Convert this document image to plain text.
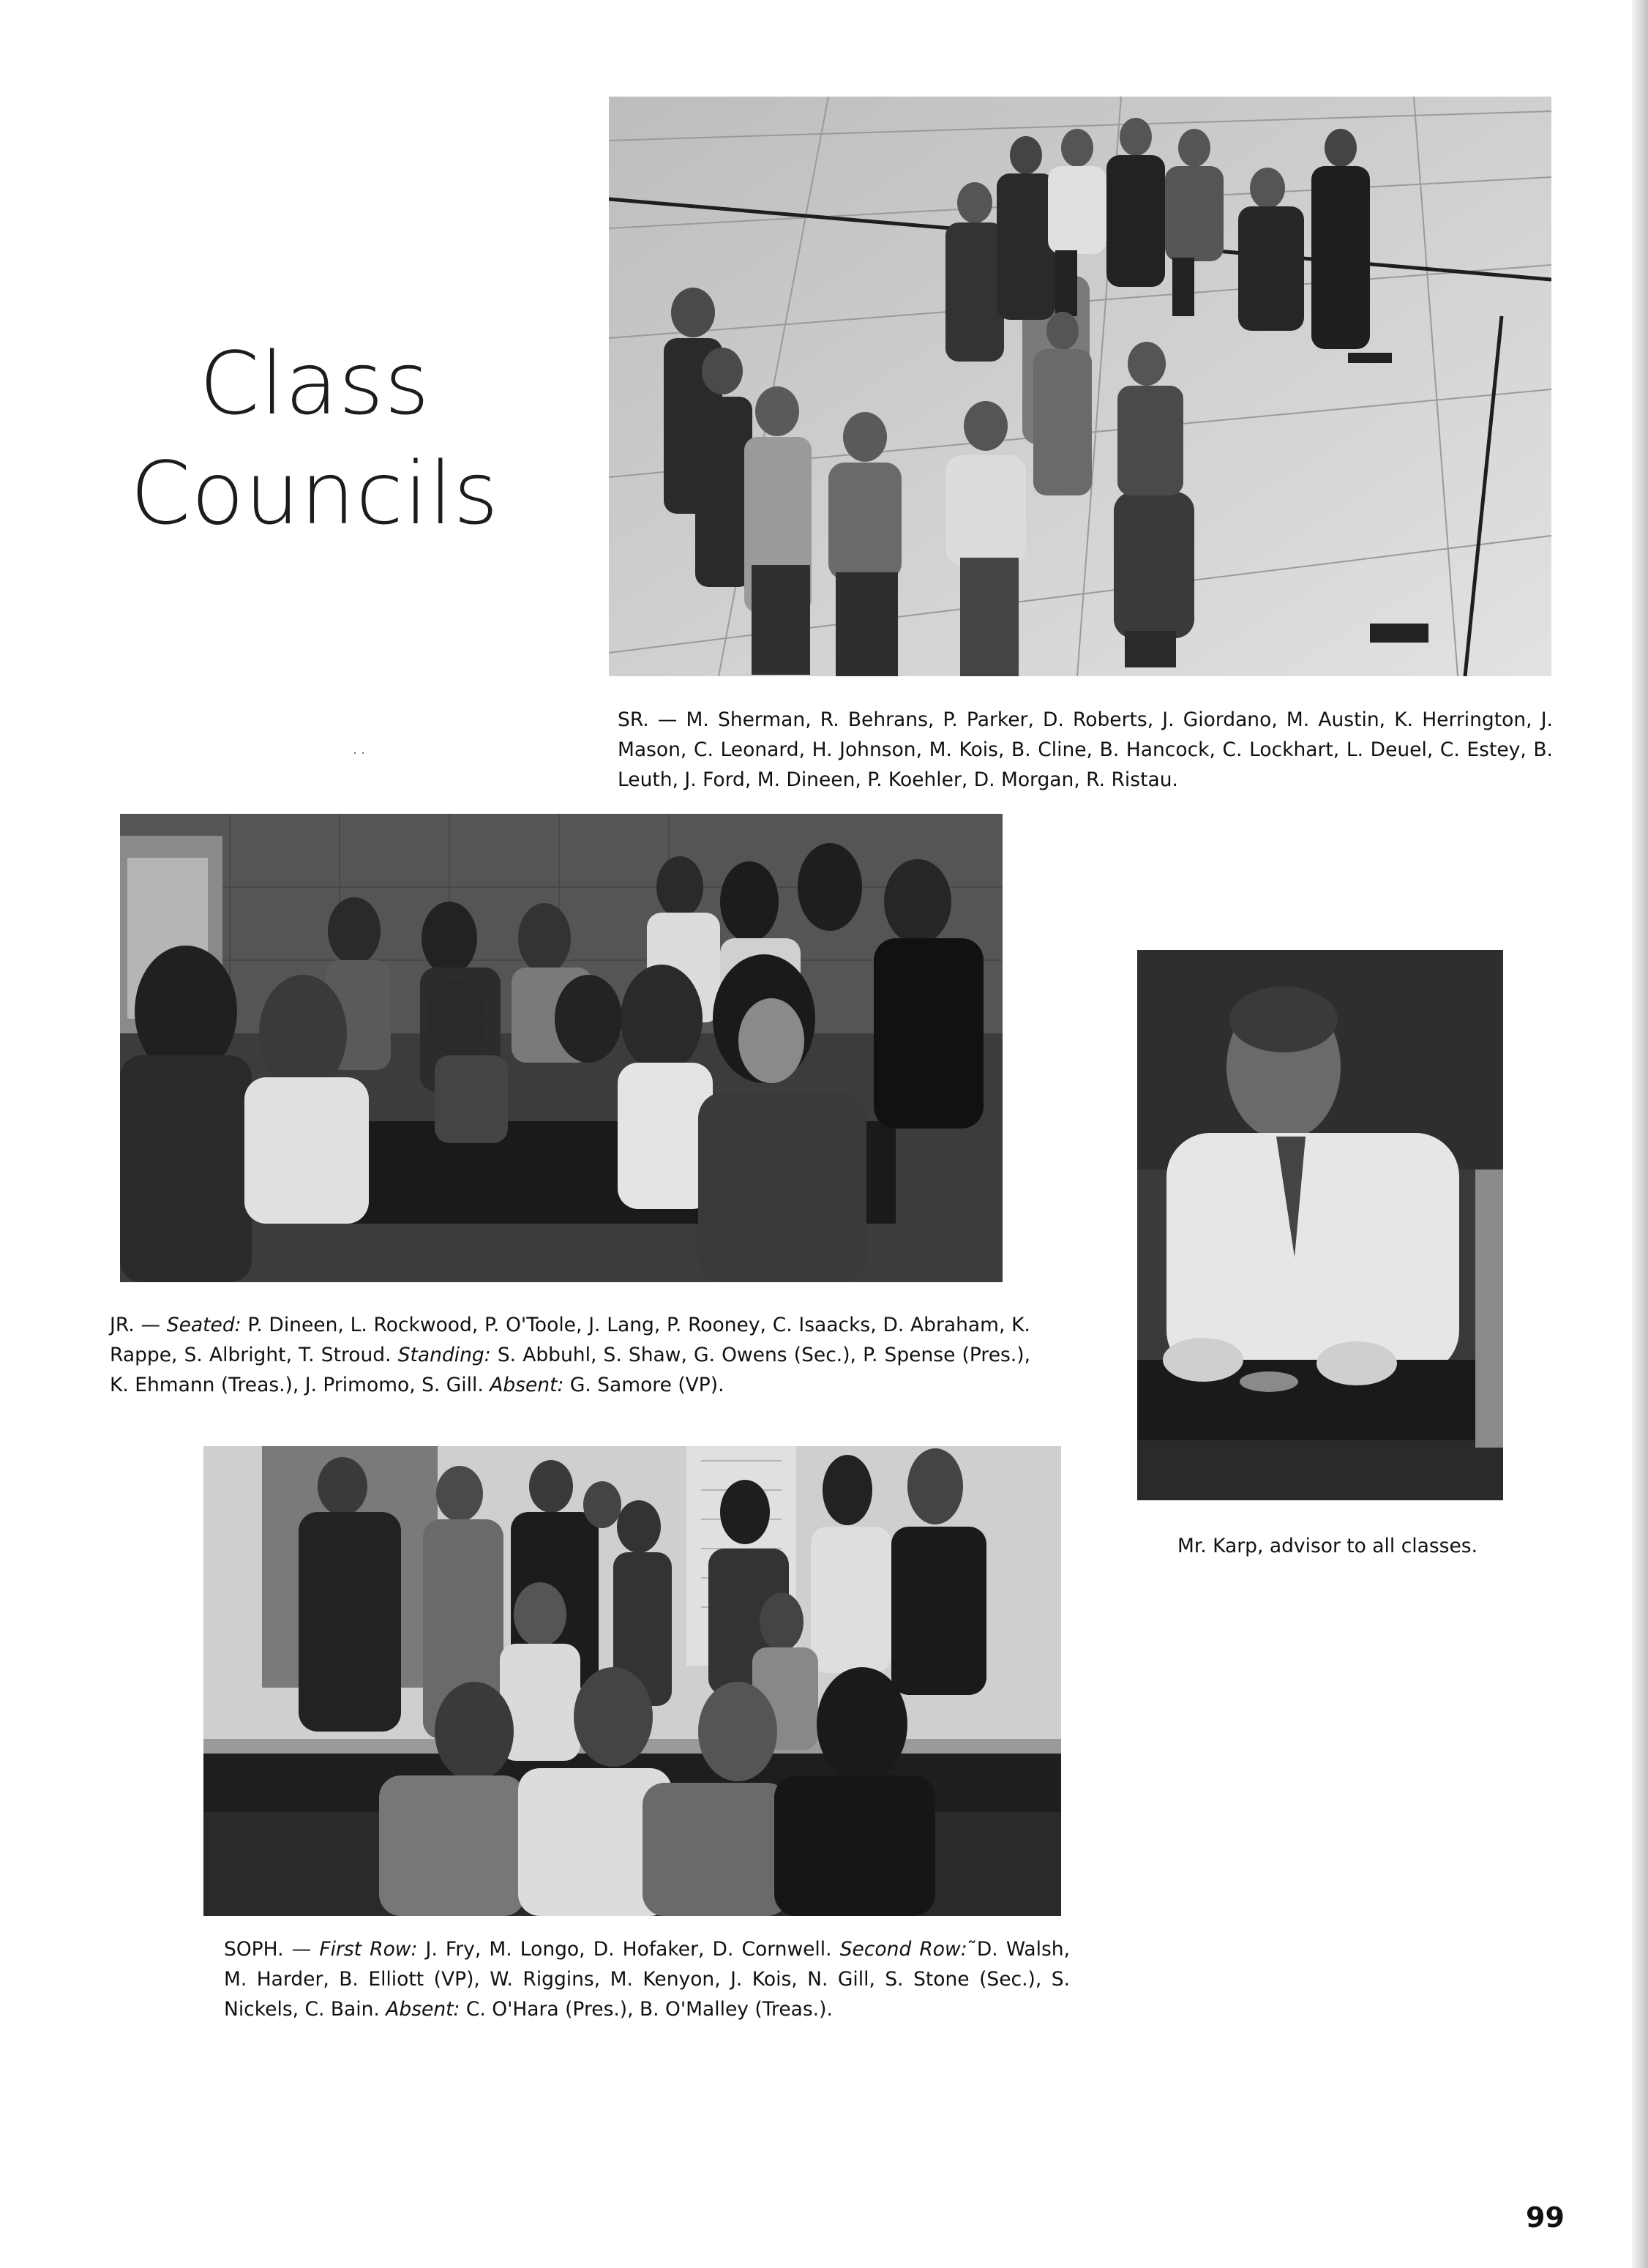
Class
Councils
SR. — M. Sherman, R. Behrans, P. Parker, D. Roberts, J. Giordano, M. Austin, K. Herrington, J. Mason, C. Leonard, H. Johnson, M. Kois, B. Cline, B. Hancock, C. Lockhart, L. Deuel, C. Estey, B. Leuth, J. Ford, M. Dineen, P. Koehler, D. Morgan, R. Ristau.
· ·
JR. — Seated: P. Dineen, L. Rockwood, P. O'Toole, J. Lang, P. Rooney, C. Isaacks, D. Abraham, K. Rappe, S. Albright, T. Stroud. Standing: S. Abbuhl, S. Shaw, G. Owens (Sec.), P. Spense (Pres.), K. Ehmann (Treas.), J. Primomo, S. Gill. Absent: G. Samore (VP).
Mr. Karp, advisor to all classes.
SOPH. — First Row: J. Fry, M. Longo, D. Hofaker, D. Cornwell. Second Row:˜D. Walsh, M. Harder, B. Elliott (VP), W. Riggins, M. Kenyon, J. Kois, N. Gill, S. Stone (Sec.), S. Nickels, C. Bain. Absent: C. O'Hara (Pres.), B. O'Malley (Treas.).
99
